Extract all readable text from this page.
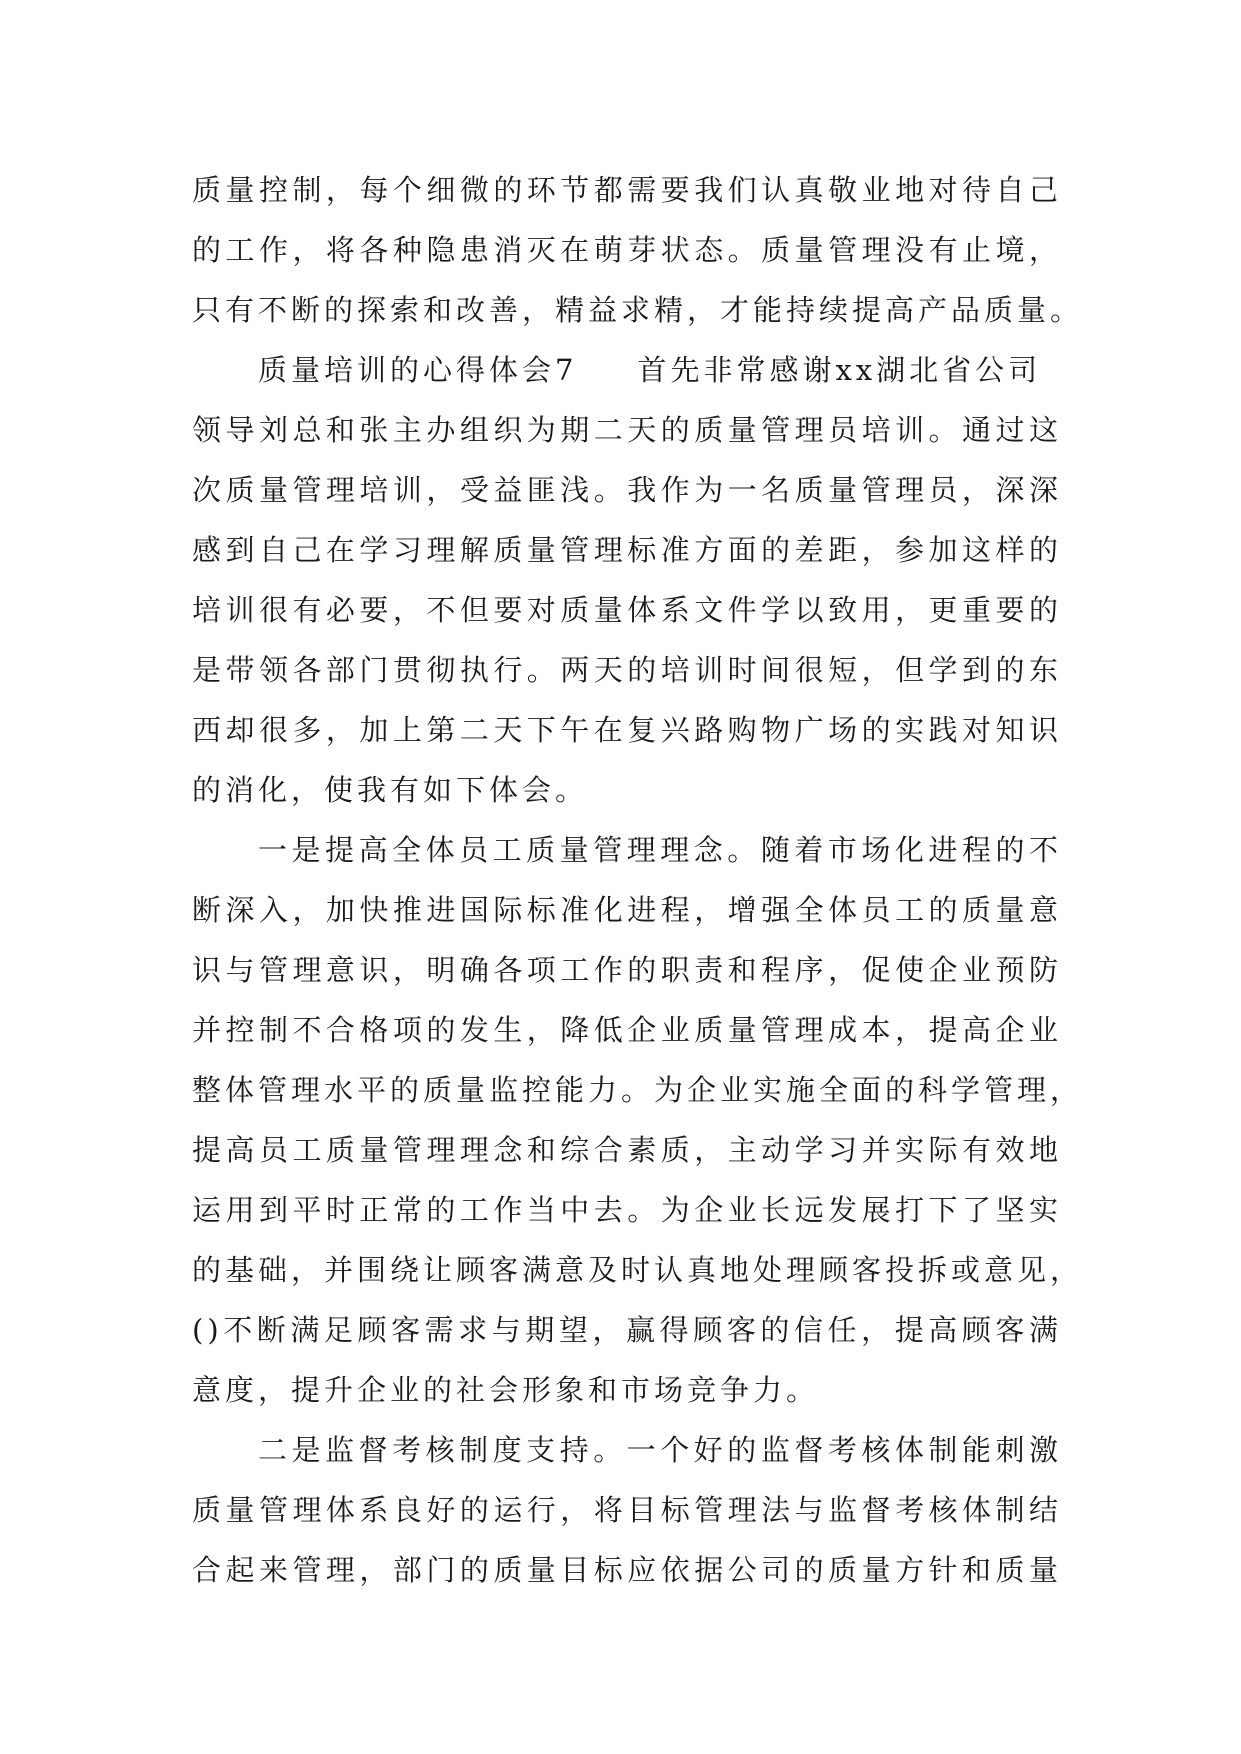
质量控制，每个细微的环节都需要我们认真敬业地对待自己
的工作，将各种隐患消灭在萌芽状态。质量管理没有止境，
只有不断的探索和改善，精益求精，才能持续提高产品质量。
质量培训的心得体会7 首先非常感谢xx湖北省公司
领导刘总和张主办组织为期二天的质量管理员培训。通过这
次质量管理培训，受益匪浅。我作为一名质量管理员，深深
感到自己在学习理解质量管理标准方面的差距，参加这样的
培训很有必要，不但要对质量体系文件学以致用，更重要的
是带领各部门贯彻执行。两天的培训时间很短，但学到的东
西却很多，加上第二天下午在复兴路购物广场的实践对知识
的消化，使我有如下体会。
一是提高全体员工质量管理理念。随着市场化进程的不
断深入，加快推进国际标准化进程，增强全体员工的质量意
识与管理意识，明确各项工作的职责和程序，促使企业预防
并控制不合格项的发生，降低企业质量管理成本，提高企业
整体管理水平的质量监控能力。为企业实施全面的科学管理，
提高员工质量管理理念和综合素质，主动学习并实际有效地
运用到平时正常的工作当中去。为企业长远发展打下了坚实
的基础，并围绕让顾客满意及时认真地处理顾客投拆或意见，
()不断满足顾客需求与期望，赢得顾客的信任，提高顾客满
意度，提升企业的社会形象和市场竞争力。
二是监督考核制度支持。一个好的监督考核体制能刺激
质量管理体系良好的运行，将目标管理法与监督考核体制结
合起来管理，部门的质量目标应依据公司的质量方针和质量
